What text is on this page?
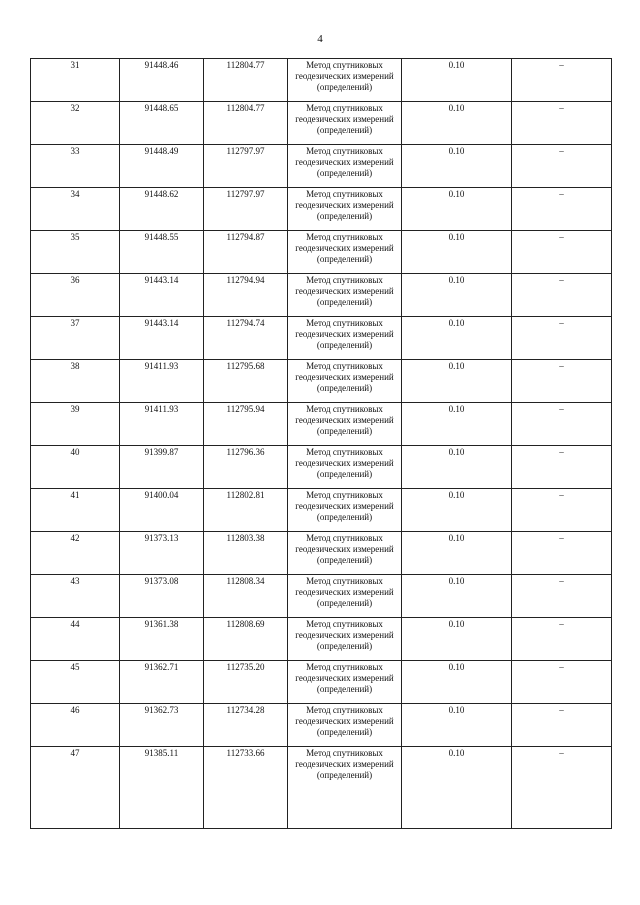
4
31	91448.46	112804.77	Метод спутниковых геодезических измерений (определений)	0.10	–
32	91448.65	112804.77	Метод спутниковых геодезических измерений (определений)	0.10	–
33	91448.49	112797.97	Метод спутниковых геодезических измерений (определений)	0.10	–
34	91448.62	112797.97	Метод спутниковых геодезических измерений (определений)	0.10	–
35	91448.55	112794.87	Метод спутниковых геодезических измерений (определений)	0.10	–
36	91443.14	112794.94	Метод спутниковых геодезических измерений (определений)	0.10	–
37	91443.14	112794.74	Метод спутниковых геодезических измерений (определений)	0.10	–
38	91411.93	112795.68	Метод спутниковых геодезических измерений (определений)	0.10	–
39	91411.93	112795.94	Метод спутниковых геодезических измерений (определений)	0.10	–
40	91399.87	112796.36	Метод спутниковых геодезических измерений (определений)	0.10	–
41	91400.04	112802.81	Метод спутниковых геодезических измерений (определений)	0.10	–
42	91373.13	112803.38	Метод спутниковых геодезических измерений (определений)	0.10	–
43	91373.08	112808.34	Метод спутниковых геодезических измерений (определений)	0.10	–
44	91361.38	112808.69	Метод спутниковых геодезических измерений (определений)	0.10	–
45	91362.71	112735.20	Метод спутниковых геодезических измерений (определений)	0.10	–
46	91362.73	112734.28	Метод спутниковых геодезических измерений (определений)	0.10	–
47	91385.11	112733.66	Метод спутниковых геодезических измерений (определений)	0.10	–
